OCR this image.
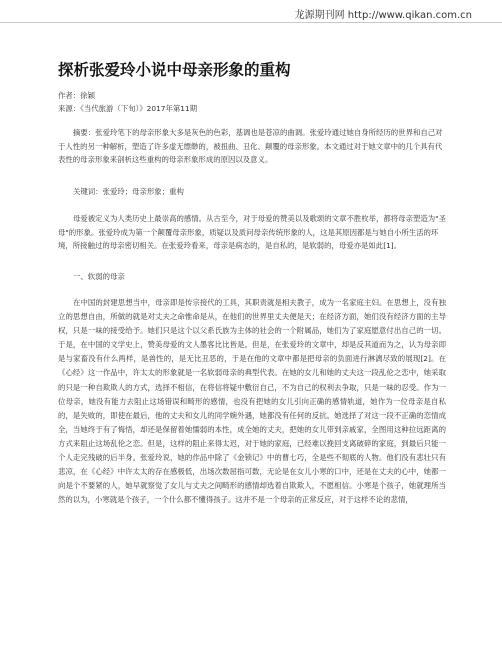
龙源期刊网 http://www.qikan.com.cn
探析张爱玲小说中母亲形象的重构
作者：徐颖
来源：《当代旅游（下旬）》2017年第11期

摘要：张爱玲笔下的母亲形象大多是灰色的色彩，基调也是苍凉的曲调。张爱玲通过她自身所经历的世界和自己对于人性的另一种解析，塑造了许多虚无缥缈的，被扭曲、丑化、颠覆的母亲形象。本文通过对于她文章中的几个具有代表性的母亲形象来剖析这些重构的母亲形象形成的原因以及意义。

关键词：张爱玲；母亲形象；重构

母爱被定义为人类历史上最崇高的感情。从古至今，对于母爱的赞美以及歌颂的文章不胜枚举，都将母亲塑造为"圣母"的形象。张爱玲成为第一个颠覆母亲形象，质疑以及质问母亲传统形象的人，这是其原因都是与她自小所生活的环境，所接触过的母亲密切相关。在张爱玲看来，母亲是病态的，是自私的，是软弱的，母爱亦是如此[1]。

一、软弱的母亲

在中国的封建思想当中，母亲即是传宗接代的工具，其职责就是相夫教子，成为一名家庭主妇。在思想上，没有独立的思想自由，所做的就是对丈夫之命惟命是从，在他们的世界里丈夫便是天；在经济方面，她们没有经济方面的主导权，只是一味的接受给予。她们只是这个以父系氏族为主体的社会的一个附属品，她们为了家庭愿意付出自己的一切。于是，在中国的文学史上，赞美母爱的文人墨客比比皆是。但是，在张爱玲的文章中，却是反其道而为之，认为母亲即是与家畜没有什么两样，是兽性的，是无比丑恶的，于是在他的文章中都是把母亲的负面进行淋漓尽致的展现[2]。在《心经》这一作品中，许太太的形象就是一名软弱母亲的典型代表。在她的女儿和她的丈夫这一段乱伦之恋中，她采取的只是一种自欺欺人的方式，选择不相信，在将信将疑中敷衍自己，不为自己的权利去争取，只是一味的忍受。作为一位母亲，她没有能力去阻止这场错误和畸形的感情，也没有把她的女儿引向正确的感情轨道，她作为一位母亲是自私的，是失败的，即使在最后，他的丈夫和女儿的同学婉外遇，她都没有任何的反抗。她选择了对这一段不正确的恋情成全，当她终于有了悔悟，却还是保留着她懦弱的本性，成全她的丈夫，把她的女儿带到亲戚家，全图用这种拉远距离的方式来阻止这场乱伦之恋。但是，这样的阻止来得太迟，对于她的家庭，已经难以挽回支离破碎的家庭，到最后只能一个人走完残破的后半身。张爱玲说，她的作品中除了《金锁记》中的曹七巧，全是些不彻底的人物。他们没有悲壮只有悲凉，在《心经》中许太太的存在感极低，出场次数屈指可数，无论是在女儿小寒的口中，还是在丈夫的心中，她都一向是个不要紧的人，她早就察觉了女儿与丈夫之间畸形的感情却选着自欺欺人，不愿相信。小寒是个孩子，她就理所当然的以为，小寒就是个孩子，一个什么都不懂得孩子。这并不是一个母亲的正常反应，对于这样不论的悲情，
